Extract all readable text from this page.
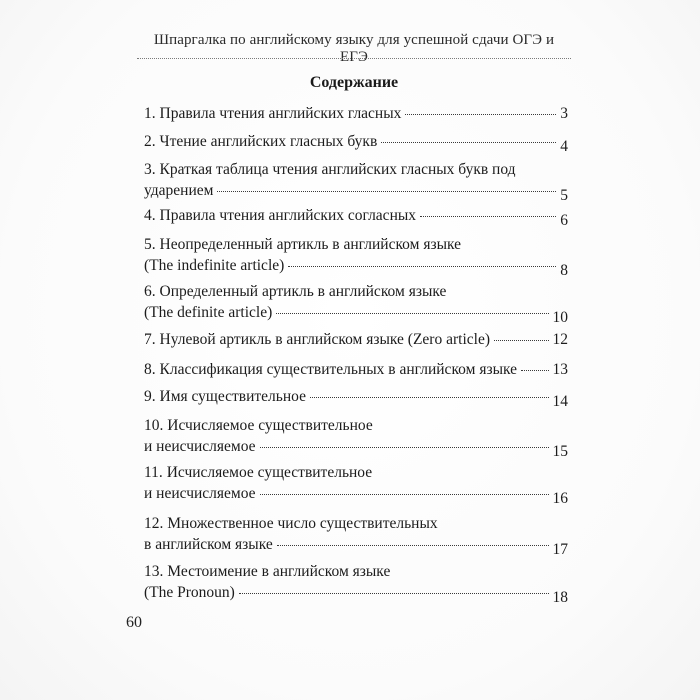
Шпаргалка по английскому языку для успешной сдачи ОГЭ и ЕГЭ
Содержание
1. Правила чтения английских гласных	3
2. Чтение английских гласных букв	4
3. Краткая таблица чтения английских гласных букв под
ударением	5
4. Правила чтения английских согласных	6
5. Неопределенный артикль в английском языке
(The indefinite article)	8
6. Определенный артикль в английском языке
(The definite article)	10
7. Нулевой артикль в английском языке (Zero article)	12
8. Классификация существительных в английском языке 13
9. Имя существительное	14
10. Исчисляемое существительное
и неисчисляемое	15
11. Исчисляемое существительное
и неисчисляемое	16
12. Множественное число существительных
в английском языке	17
13. Местоимение в английском языке
(The Pronoun)	18
60
